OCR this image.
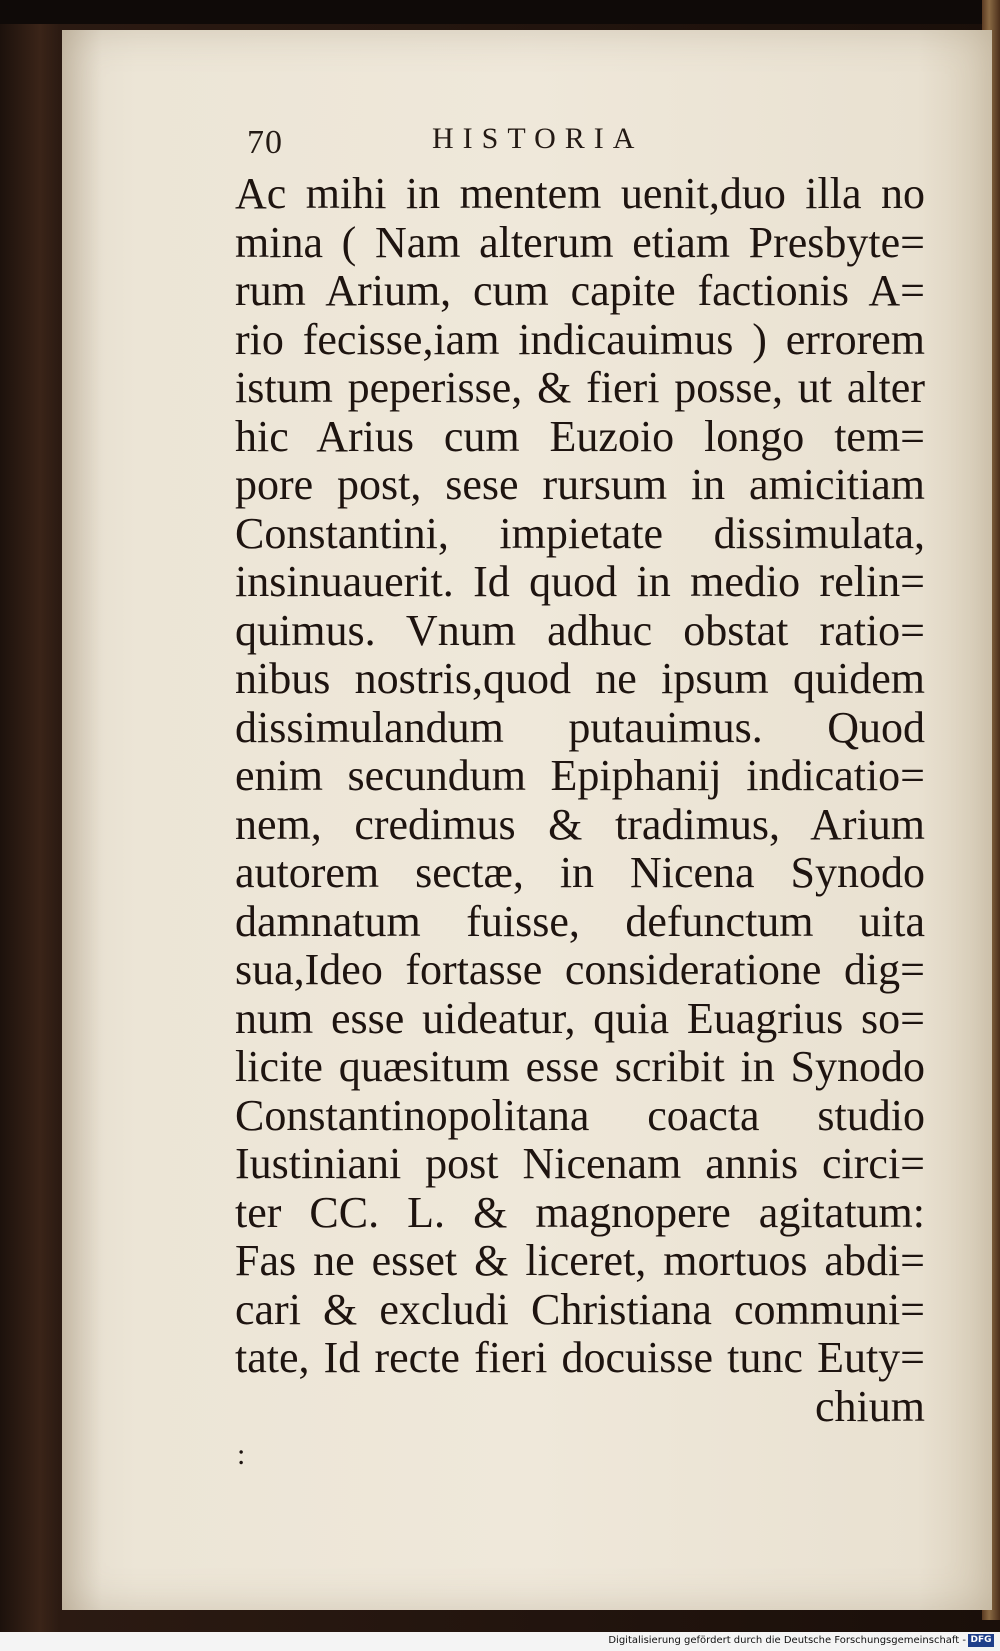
70	HISTORIA
Ac mihi in mentem uenit,duo illa no
mina ( Nam alterum etiam Presbyte=
rum Arium, cum capite factionis A=
rio fecisse,iam indicauimus ) errorem
istum peperisse, & fieri posse, ut alter
hic Arius cum Euzoio longo tem=
pore post, sese rursum in amicitiam
Constantini, impietate dissimulata,
insinuauerit. Id quod in medio relin=
quimus. Vnum adhuc obstat ratio=
nibus nostris,quod ne ipsum quidem
dissimulandum putauimus. Quod
enim secundum Epiphanij indicatio=
nem, credimus & tradimus, Arium
autorem sectæ, in Nicena Synodo
damnatum fuisse, defunctum uita
sua,Ideo fortasse consideratione dig=
num esse uideatur, quia Euagrius so=
licite quæsitum esse scribit in Synodo
Constantinopolitana coacta studio
Iustiniani post Nicenam annis circi=
ter CC. L. & magnopere agitatum:
Fas ne esset & liceret, mortuos abdi=
cari & excludi Christiana communi=
tate, Id recte fieri docuisse tunc Euty=
chium
:
Digitalisierung gefördert durch die Deutsche Forschungsgemeinschaft - DFG
